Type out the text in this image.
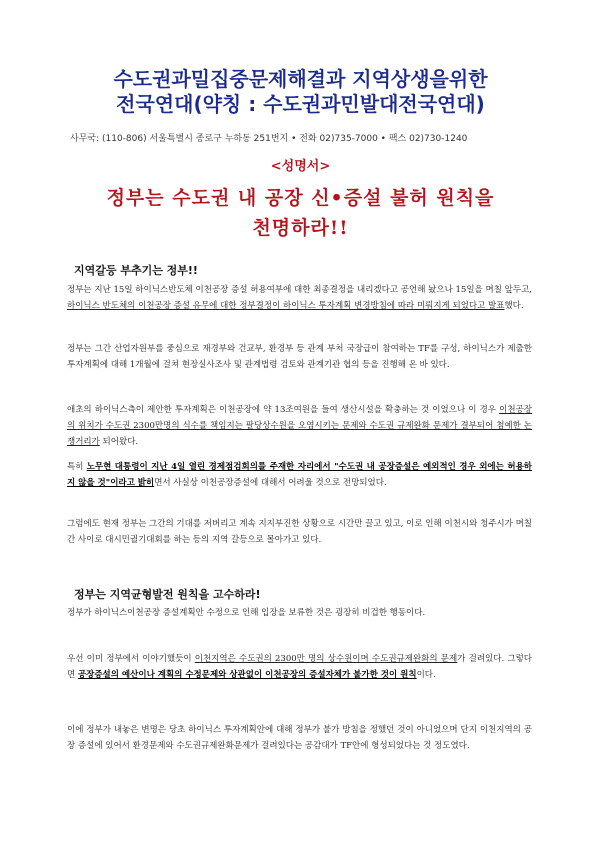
수도권과밀집중문제해결과 지역상생을위한
전국연대(약칭 : 수도권과민발대전국연대)
사무국: (110-806) 서울특별시 종로구 누하동 251번지 • 전화 02)735-7000 • 팩스 02)730-1240
<성명서>
정부는 수도권 내 공장 신•증설 불허 원칙을
천명하라!!
지역갈등 부추기는 정부!!
정부는 지난 15일 하이닉스반도체 이천공장 증설 허용여부에 대한 최종결정을 내리겠다고 공언해 놨으나 15일을 며칠 앞두고, 하이닉스 반도체의 이천공장 증설 유무에 대한 정부결정이 하이닉스 투자계획 변경방침에 따라 미뤄지게 되었다고 발표했다.
정부는 그간 산업자원부를 중심으로 재경부와 건교부, 환경부 등 관계 부처 국장급이 참여하는 TF를 구성, 하이닉스가 제출한 투자계획에 대해 1개월에 걸쳐 현장실사조사 및 관계법령 검토와 관계기관 협의 등을 진행해 온 바 있다.
애초의 하이닉스측이 제안한 투자계획은 이천공장에 약 13조여원을 들여 생산시설을 확충하는 것 이었으나 이 경우 이천공장의 위치가 수도권 2300만명의 식수를 책임지는 팔당상수원을 오염시키는 문제와 수도권 규제완화 문제가 결부되어 첨예한 논쟁거리가 되어왔다.
특히 노무현 대통령이 지난 4일 열린 경제점검회의를 주재한 자리에서 "수도권 내 공장증설은 예외적인 경우 외에는 허용하지 않을 것"이라고 밝히면서 사실상 이천공장증설에 대해서 어려울 것으로 전망되었다.
그럼에도 현재 정부는 그간의 기대를 저버리고 계속 지지부진한 상황으로 시간만 끌고 있고, 이로 인해 이천시와 청주시가 며칠 간 사이로 대시민궐기대회를 하는 등의 지역 갈등으로 몰아가고 있다.
정부는 지역균형발전 원칙을 고수하라!
정부가 하이닉스이천공장 증설계획안 수정으로 인해 입장을 보류한 것은 굉장히 비겁한 행동이다.
우선 이미 정부에서 이야기했듯이 이천지역은 수도권의 2300만 명의 상수원이며 수도권규제완화의 문제가 걸려있다. 그렇다면 공장증설의 예산이나 계획의 수정문제와 상관없이 이천공장의 증설자체가 불가한 것이 원칙이다.
이에 정부가 내놓은 변명은 당초 하이닉스 투자계획안에 대해 정부가 불가 방침을 정했던 것이 아니었으며 단지 이천지역의 공장 증설에 있어서 환경문제와 수도권규제완화문제가 걸려있다는 공감대가 TF안에 형성되었다는 것 정도였다.
